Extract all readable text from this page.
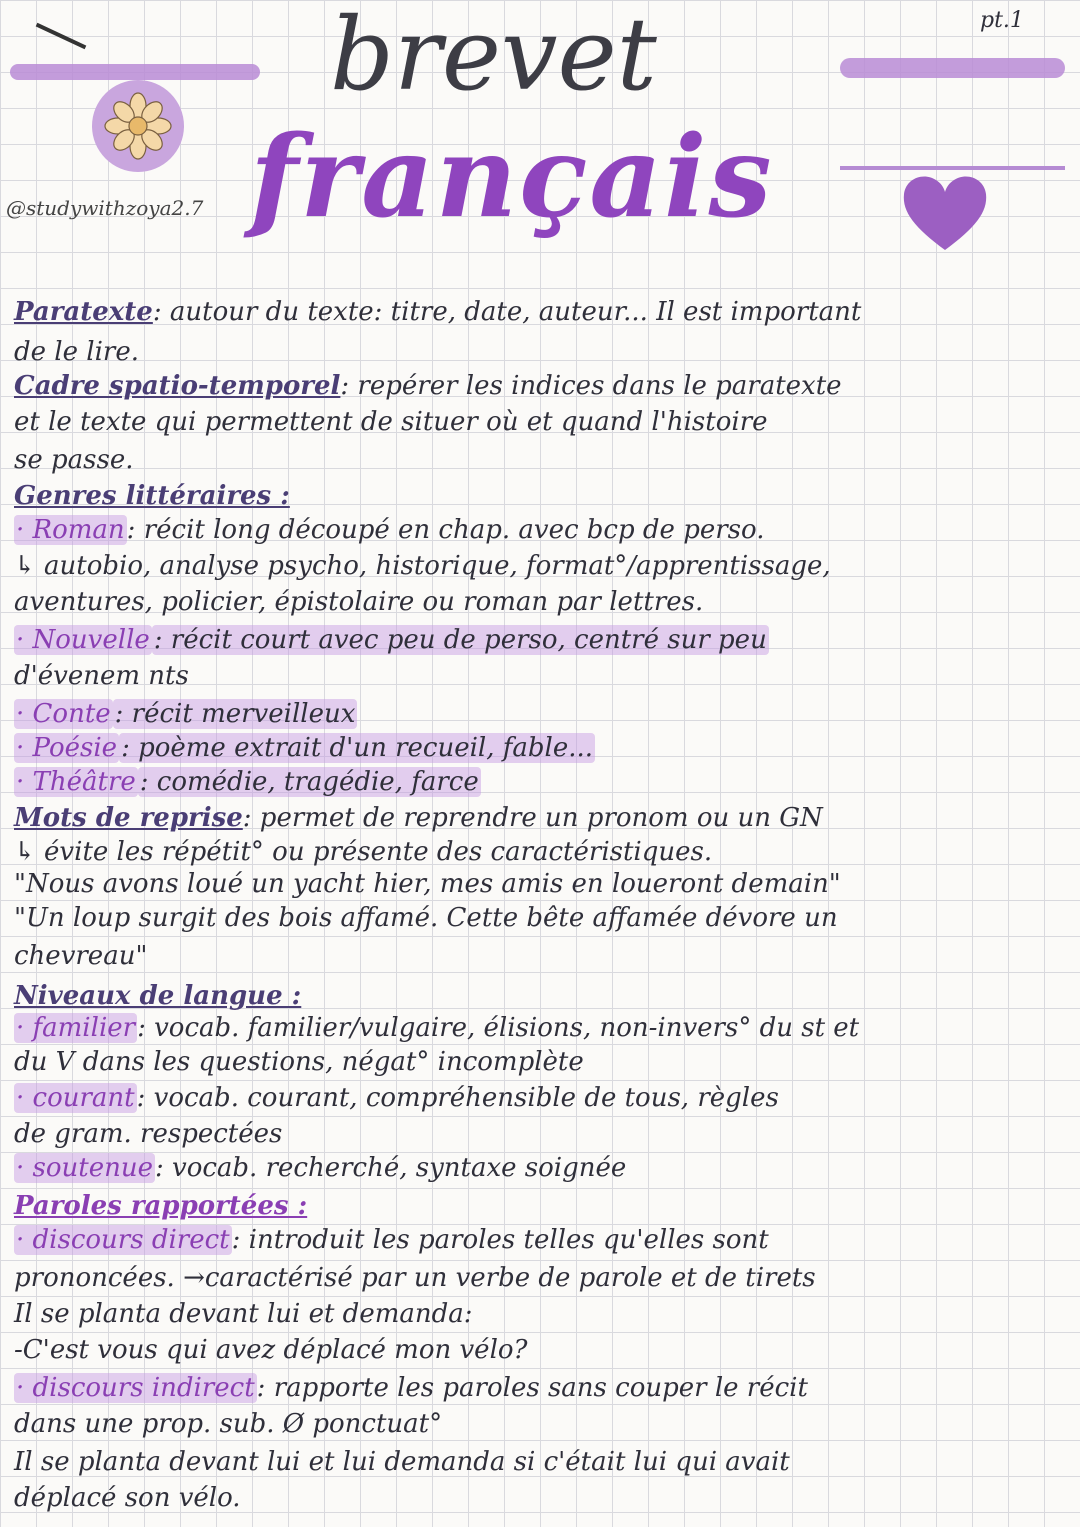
pt.1
brevet
français
@studywithzoya2.7
Paratexte: autour du texte: titre, date, auteur... Il est important
de le lire.
Cadre spatio-temporel: repérer les indices dans le paratexte
et le texte qui permettent de situer où et quand l'histoire
se passe.
Genres littéraires :
· Roman: récit long découpé en chap. avec bcp de perso.
↳ autobio, analyse psycho, historique, format°/apprentissage,
aventures, policier, épistolaire ou roman par lettres.
· Nouvelle : récit court avec peu de perso, centré sur peu
d'évenem nts
· Conte : récit merveilleux
· Poésie : poème extrait d'un recueil, fable...
· Théâtre : comédie, tragédie, farce
Mots de reprise: permet de reprendre un pronom ou un GN
↳ évite les répétit° ou présente des caractéristiques.
"Nous avons loué un yacht hier, mes amis en loueront demain"
"Un loup surgit des bois affamé. Cette bête affamée dévore un
chevreau"
Niveaux de langue :
· familier: vocab. familier/vulgaire, élisions, non-invers° du st et
du V dans les questions, négat° incomplète
· courant: vocab. courant, compréhensible de tous, règles
de gram. respectées
· soutenue: vocab. recherché, syntaxe soignée
Paroles rapportées :
· discours direct: introduit les paroles telles qu'elles sont
prononcées. →caractérisé par un verbe de parole et de tirets
Il se planta devant lui et demanda:
-C'est vous qui avez déplacé mon vélo?
· discours indirect: rapporte les paroles sans couper le récit
dans une prop. sub. Ø ponctuat°
Il se planta devant lui et lui demanda si c'était lui qui avait
déplacé son vélo.
